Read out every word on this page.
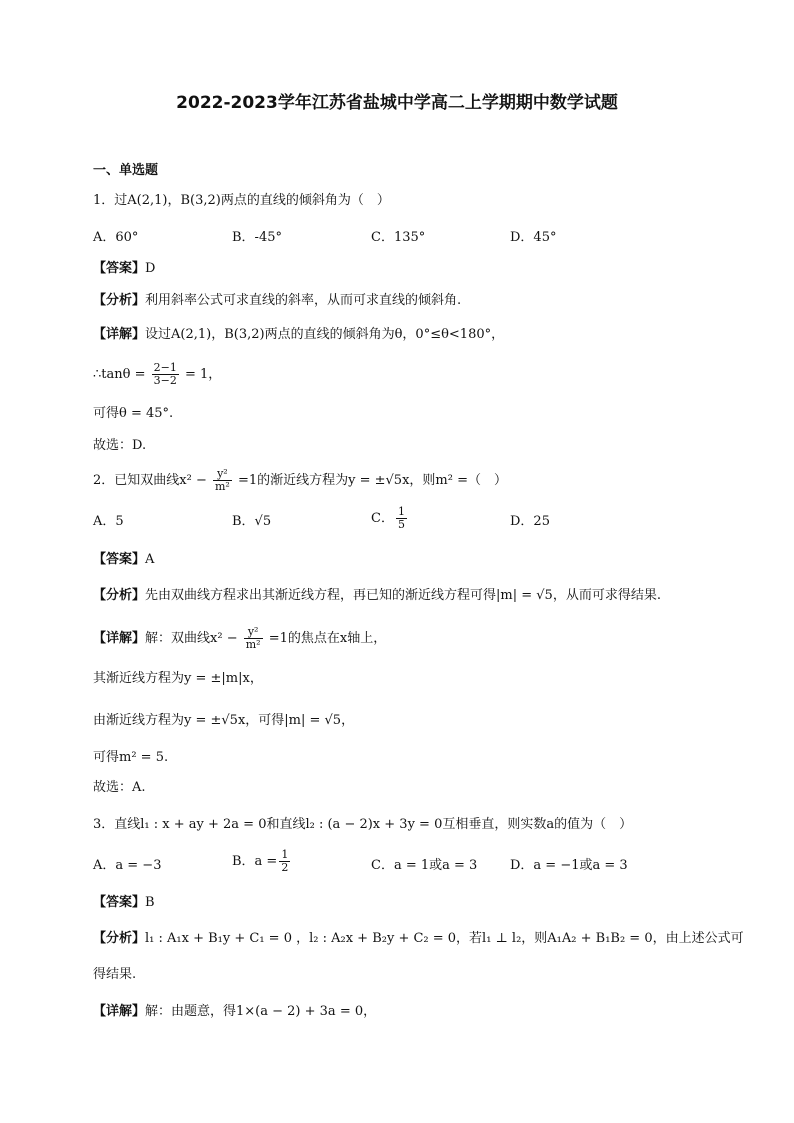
2022-2023学年江苏省盐城中学高二上学期期中数学试题
一、单选题
1．过A(2,1)，B(3,2)两点的直线的倾斜角为（　）
A．60°	B．-45°	C．135°	D．45°
【答案】D
【分析】利用斜率公式可求直线的斜率，从而可求直线的倾斜角.
【详解】设过A(2,1)，B(3,2)两点的直线的倾斜角为θ，0°≤θ<180°，
∴tanθ = $\frac{2-1}{3-2} = 1$，
可得θ = 45°.
故选：D.
2．已知双曲线$x^2 - \frac{\text{y²}}{\text{m²}} =1$的渐近线方程为y = ±√5x，则m² =（　）
A．5	B．√5	C． $\frac{1}{5}$	D．25
【答案】A
【分析】先由双曲线方程求出其渐近线方程，再已知的渐近线方程可得|m| = √5，从而可求得结果.
【详解】解：双曲线$x^2 - \frac{\text{y²}}{\text{m²}} =1$的焦点在x轴上，
其渐近线方程为y = ±|m|x，
由渐近线方程为y = ±√5x，可得|m| = √5，
可得m² = 5.
故选：A.
3．直线l₁ : x + ay + 2a = 0和直线l₂ : (a − 2)x + 3y = 0互相垂直，则实数a的值为（　）
A．a = −3	B．$a = \frac{1}{2}$	C．a = 1或a = 3	D．a = −1或a = 3
【答案】B
【分析】l₁ : A₁x + B₁y + C₁ = 0 ，l₂ : A₂x + B₂y + C₂ = 0，若l₁ ⊥ l₂，则A₁A₂ + B₁B₂ = 0，由上述公式可
得结果.
【详解】解：由题意，得1×(a − 2) + 3a = 0，
